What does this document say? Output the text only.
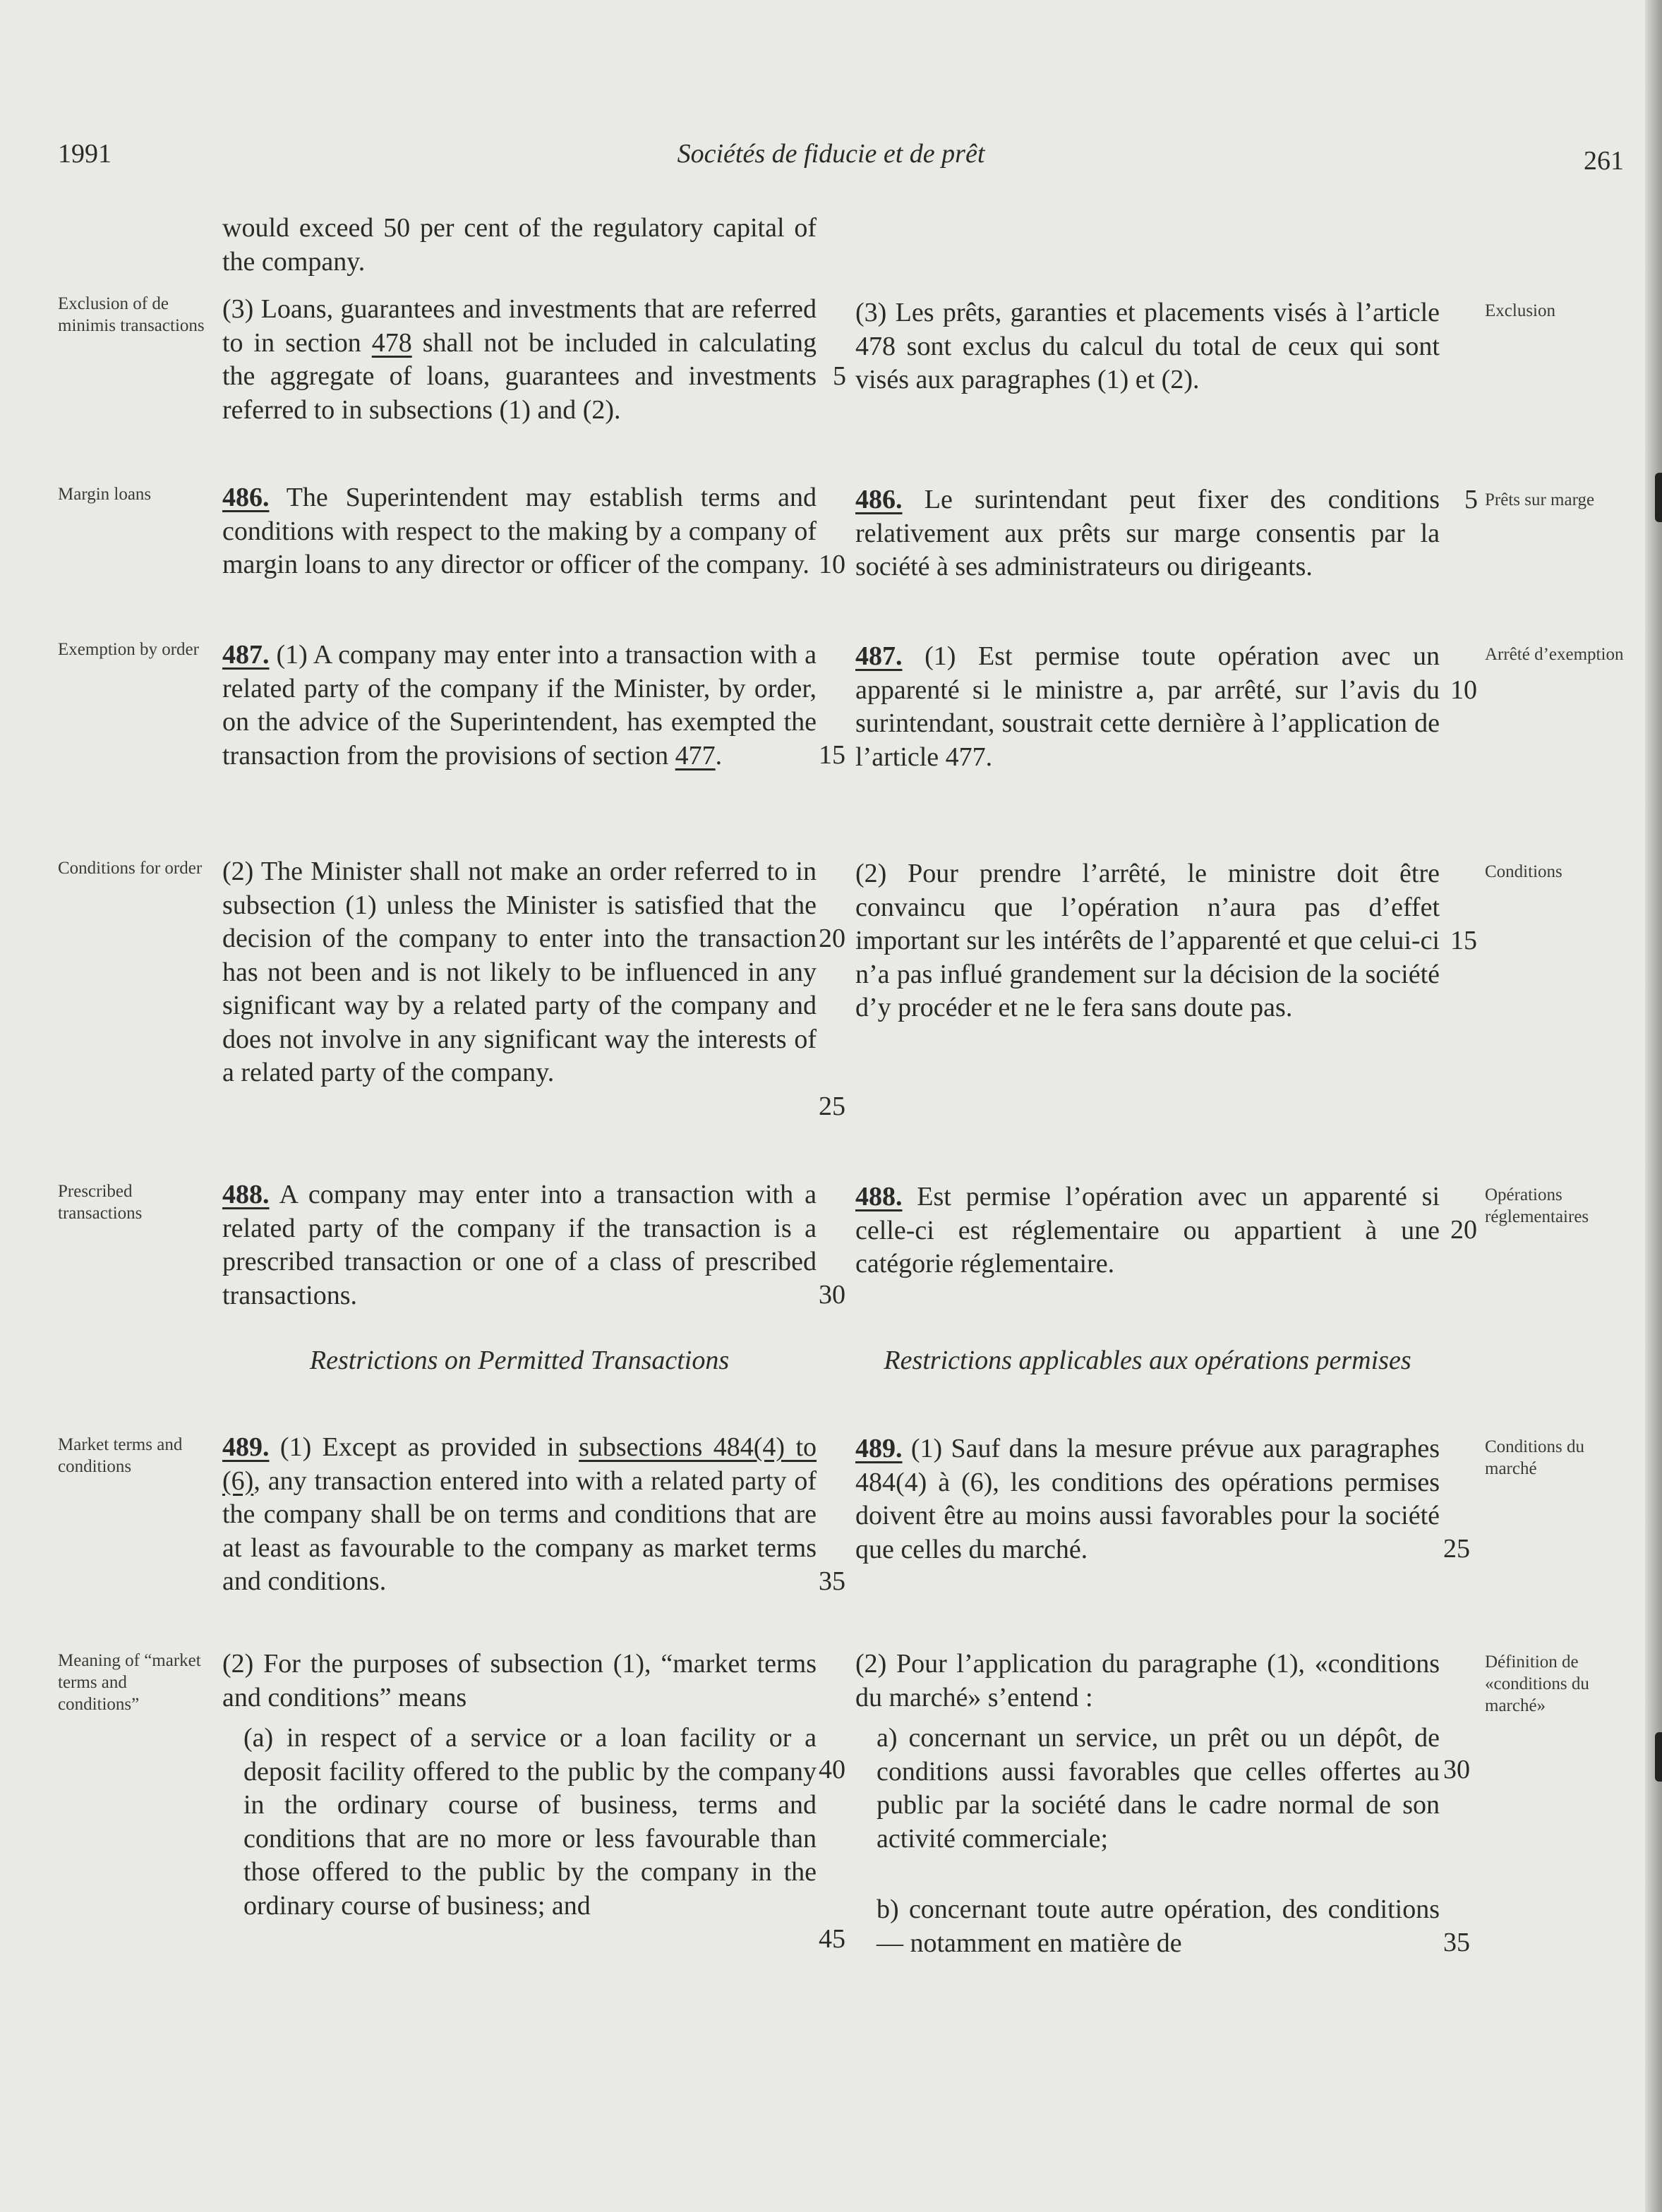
1991	Sociétés de fiducie et de prêt	261
would exceed 50 per cent of the regulatory capital of the company.
(3) Loans, guarantees and investments that are referred to in section 478 shall not be included in calculating the aggregate of loans, guarantees and investments referred to in subsections (1) and (2).
486. The Superintendent may establish terms and conditions with respect to the making by a company of margin loans to any director or officer of the company.
487. (1) A company may enter into a transaction with a related party of the company if the Minister, by order, on the advice of the Superintendent, has exempted the transaction from the provisions of section 477.
(2) The Minister shall not make an order referred to in subsection (1) unless the Minister is satisfied that the decision of the company to enter into the transaction has not been and is not likely to be influenced in any significant way by a related party of the company and does not involve in any significant way the interests of a related party of the company.
488. A company may enter into a transaction with a related party of the company if the transaction is a prescribed transaction or one of a class of prescribed transactions.
Restrictions on Permitted Transactions
489. (1) Except as provided in subsections 484(4) to (6), any transaction entered into with a related party of the company shall be on terms and conditions that are at least as favourable to the company as market terms and conditions.
(2) For the purposes of subsection (1), “market terms and conditions” means
(a) in respect of a service or a loan facility or a deposit facility offered to the public by the company in the ordinary course of business, terms and conditions that are no more or less favourable than those offered to the public by the company in the ordinary course of business; and
5
10
15
20
25
30
35
40
45
(3) Les prêts, garanties et placements visés à l’article 478 sont exclus du calcul du total de ceux qui sont visés aux paragraphes (1) et (2).
486. Le surintendant peut fixer des conditions relativement aux prêts sur marge consentis par la société à ses administrateurs ou dirigeants.
487. (1) Est permise toute opération avec un apparenté si le ministre a, par arrêté, sur l’avis du surintendant, soustrait cette dernière à l’application de l’article 477.
(2) Pour prendre l’arrêté, le ministre doit être convaincu que l’opération n’aura pas d’effet important sur les intérêts de l’apparenté et que celui-ci n’a pas influé grandement sur la décision de la société d’y procéder et ne le fera sans doute pas.
488. Est permise l’opération avec un apparenté si celle-ci est réglementaire ou appartient à une catégorie réglementaire.
Restrictions applicables aux opérations permises
489. (1) Sauf dans la mesure prévue aux paragraphes 484(4) à (6), les conditions des opérations permises doivent être au moins aussi favorables pour la société que celles du marché.
(2) Pour l’application du paragraphe (1), «conditions du marché» s’entend :
a) concernant un service, un prêt ou un dépôt, de conditions aussi favorables que celles offertes au public par la société dans le cadre normal de son activité commerciale;
b) concernant toute autre opération, des conditions — notamment en matière de
5
10
15
20
25
30
35
Exclusion of de minimis transactions
Margin loans
Exemption by order
Conditions for order
Prescribed transactions
Market terms and conditions
Meaning of “market terms and conditions”
Exclusion
Prêts sur marge
Arrêté d’exemption
Conditions
Opérations réglementaires
Conditions du marché
Définition de «conditions du marché»
